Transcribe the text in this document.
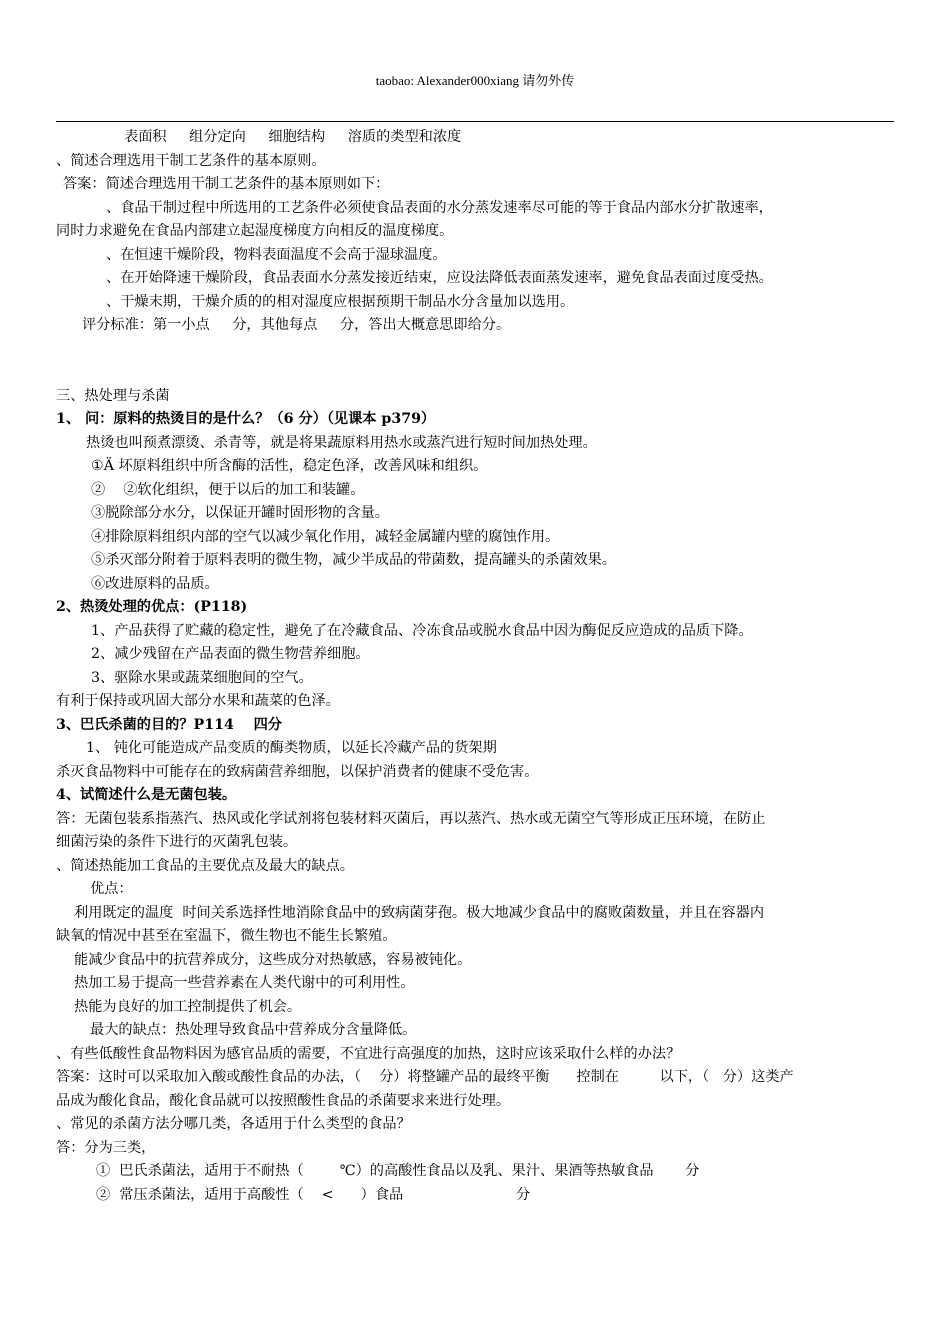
taobao: Alexander000xiang 请勿外传
表面积     组分定向     细胞结构     溶质的类型和浓度
、简述合理选用干制工艺条件的基本原则。
答案：简述合理选用干制工艺条件的基本原则如下：
、食品干制过程中所选用的工艺条件必须使食品表面的水分蒸发速率尽可能的等于食品内部水分扩散速率，
同时力求避免在食品内部建立起湿度梯度方向相反的温度梯度。
、在恒速干燥阶段，物料表面温度不会高于湿球温度。
、在开始降速干燥阶段，食品表面水分蒸发接近结束，应设法降低表面蒸发速率，避免食品表面过度受热。
、干燥末期，干燥介质的的相对湿度应根据预期干制品水分含量加以选用。
评分标准：第一小点     分，其他每点     分，答出大概意思即给分。
三、热处理与杀菌
1、 问：原料的热烫目的是什么？（6 分）（见课本 p379）
热烫也叫预煮漂烫、杀青等，就是将果蔬原料用热水或蒸汽进行短时间加热处理。
①Ä 坏原料组织中所含酶的活性，稳定色泽，改善风味和组织。
②    ②软化组织，便于以后的加工和装罐。
③脱除部分水分，以保证开罐时固形物的含量。
④排除原料组织内部的空气以减少氧化作用，减轻金属罐内壁的腐蚀作用。
⑤杀灭部分附着于原料表明的微生物，减少半成品的带菌数，提高罐头的杀菌效果。
⑥改进原料的品质。
2、热烫处理的优点：(P118)
1、产品获得了贮藏的稳定性，避免了在冷藏食品、冷冻食品或脱水食品中因为酶促反应造成的品质下降。
2、减少残留在产品表面的微生物营养细胞。
3、驱除水果或蔬菜细胞间的空气。
有利于保持或巩固大部分水果和蔬菜的色泽。
3、巴氏杀菌的目的？P114    四分
1、 钝化可能造成产品变质的酶类物质，以延长冷藏产品的货架期
杀灭食品物料中可能存在的致病菌营养细胞，以保护消费者的健康不受危害。
4、试简述什么是无菌包装。
答：无菌包装系指蒸汽、热风或化学试剂将包装材料灭菌后，再以蒸汽、热水或无菌空气等形成正压环境，在防止
细菌污染的条件下进行的灭菌乳包装。
、简述热能加工食品的主要优点及最大的缺点。
优点：
利用既定的温度  时间关系选择性地消除食品中的致病菌芽孢。极大地减少食品中的腐败菌数量，并且在容器内
缺氧的情况中甚至在室温下，微生物也不能生长繁殖。
能减少食品中的抗营养成分，这些成分对热敏感，容易被钝化。
热加工易于提高一些营养素在人类代谢中的可利用性。
热能为良好的加工控制提供了机会。
最大的缺点：热处理导致食品中营养成分含量降低。
、有些低酸性食品物料因为感官品质的需要，不宜进行高强度的加热，这时应该采取什么样的办法？
答案：这时可以采取加入酸或酸性食品的办法，（    分）将整罐产品的最终平衡      控制在         以下，（   分）这类产
品成为酸化食品，酸化食品就可以按照酸性食品的杀菌要求来进行处理。
、常见的杀菌方法分哪几类，各适用于什么类型的食品？
答：分为三类，
①  巴氏杀菌法，适用于不耐热（        ℃）的高酸性食品以及乳、果汁、果酒等热敏食品       分
②  常压杀菌法，适用于高酸性（    <      ）食品                         分
